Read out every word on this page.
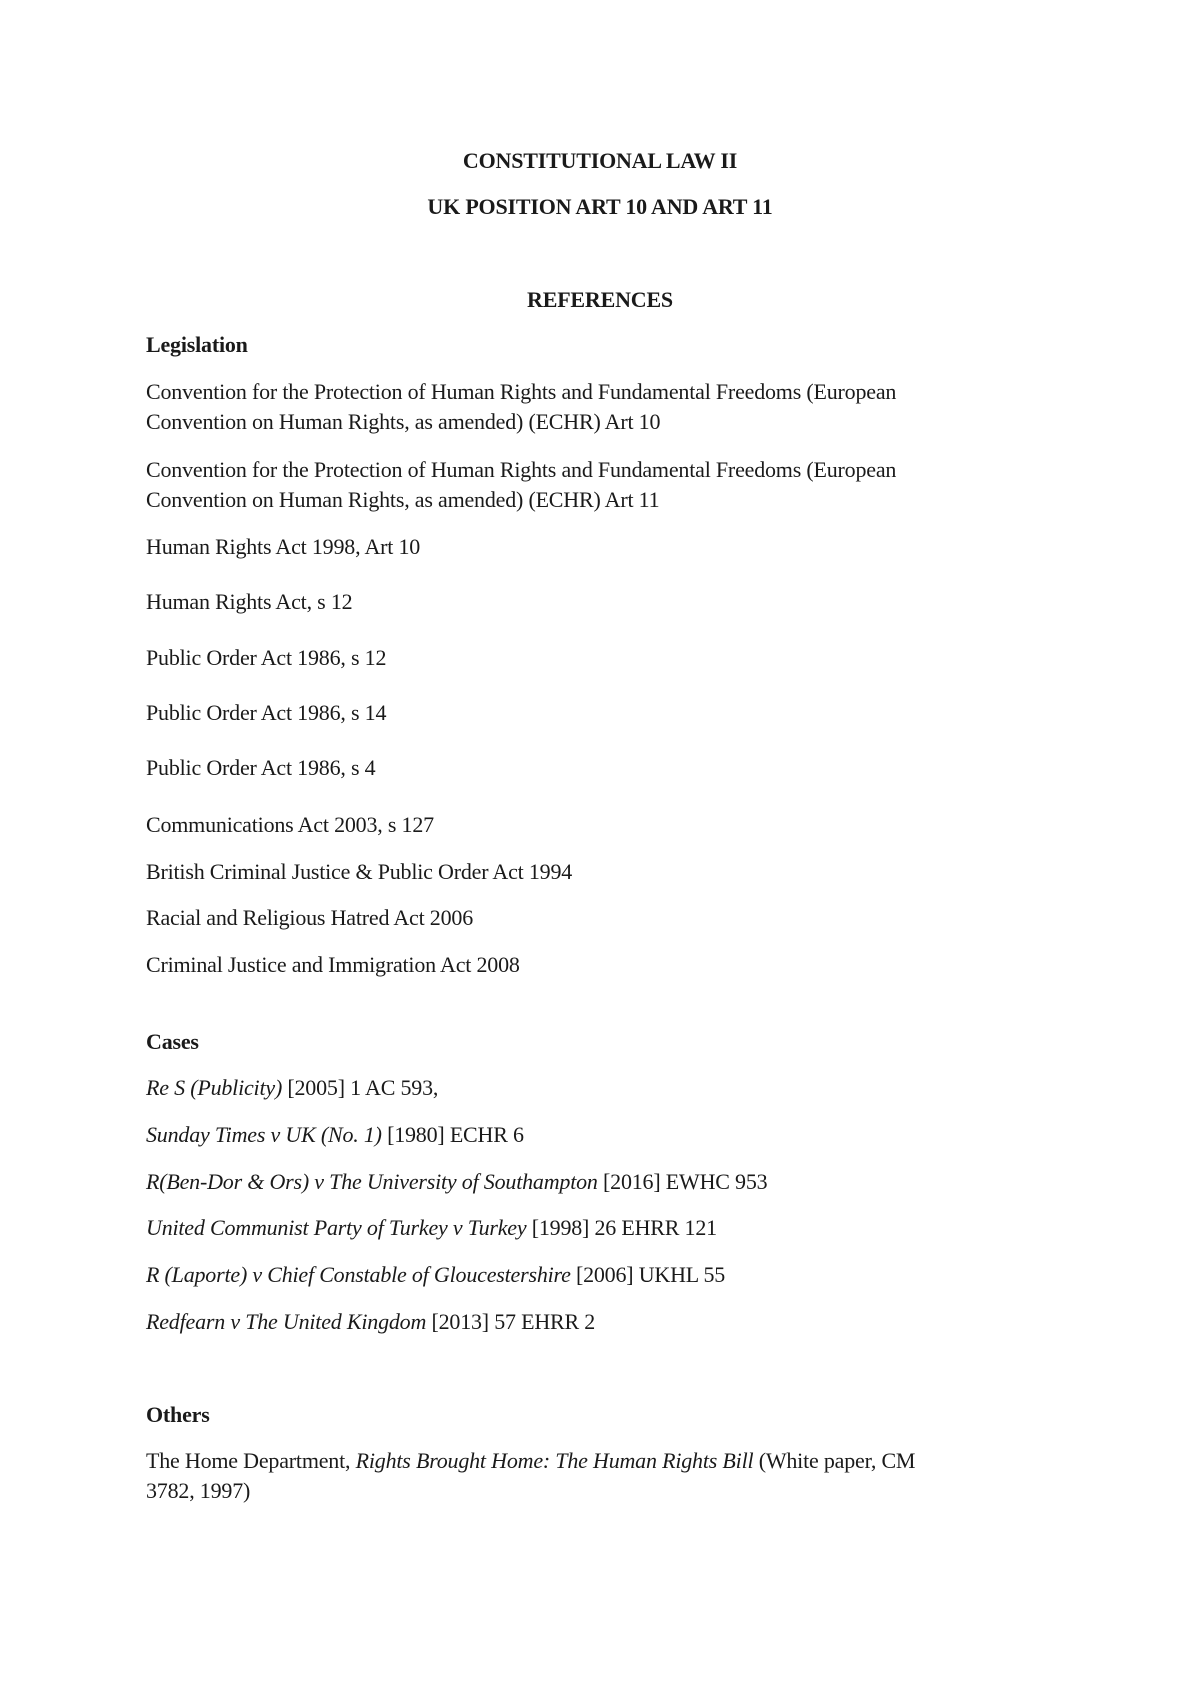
CONSTITUTIONAL LAW II
UK POSITION ART 10 AND ART 11
REFERENCES
Legislation
Convention for the Protection of Human Rights and Fundamental Freedoms (European
Convention on Human Rights, as amended) (ECHR) Art 10
Convention for the Protection of Human Rights and Fundamental Freedoms (European
Convention on Human Rights, as amended) (ECHR) Art 11
Human Rights Act 1998, Art 10
Human Rights Act, s 12
Public Order Act 1986, s 12
Public Order Act 1986, s 14
Public Order Act 1986, s 4
Communications Act 2003, s 127
British Criminal Justice & Public Order Act 1994
Racial and Religious Hatred Act 2006
Criminal Justice and Immigration Act 2008
Cases
Re S (Publicity) [2005] 1 AC 593,
Sunday Times v UK (No. 1) [1980] ECHR 6
R(Ben-Dor & Ors) v The University of Southampton [2016] EWHC 953
United Communist Party of Turkey v Turkey [1998] 26 EHRR 121
R (Laporte) v Chief Constable of Gloucestershire [2006] UKHL 55
Redfearn v The United Kingdom [2013] 57 EHRR 2
Others
The Home Department, Rights Brought Home: The Human Rights Bill (White paper, CM
3782, 1997)
